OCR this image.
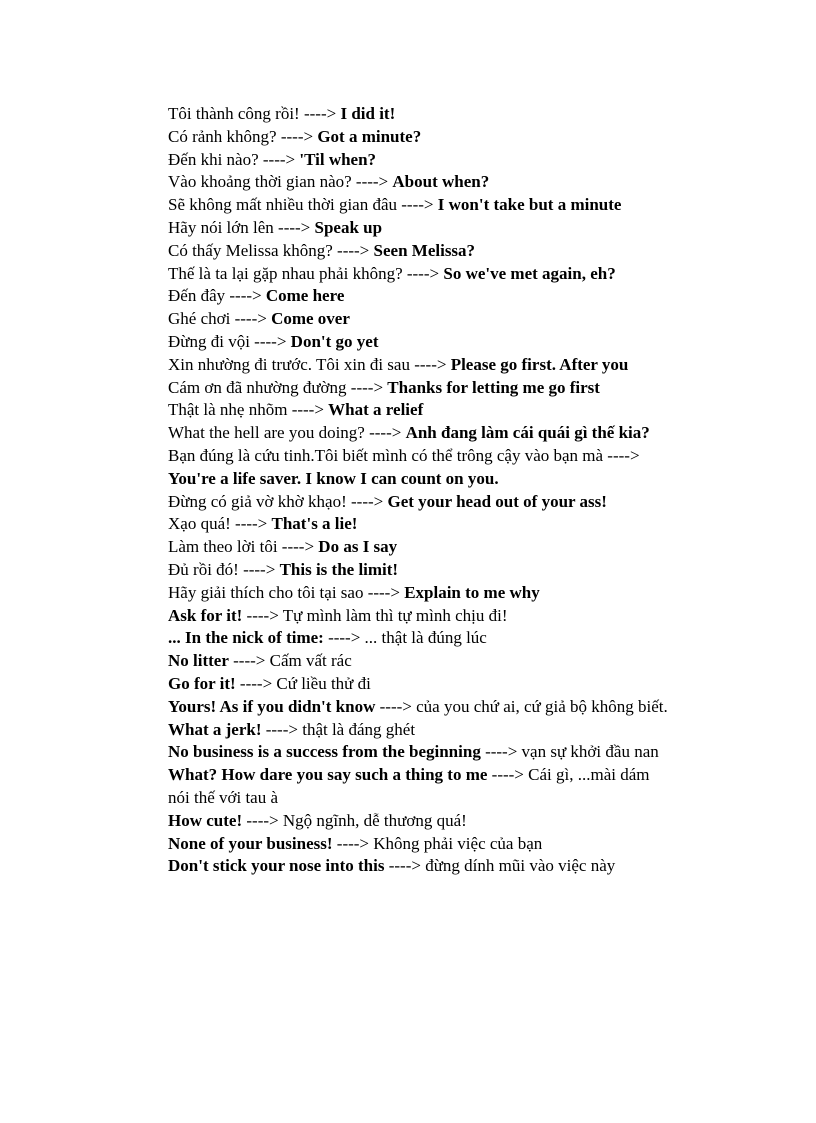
Tôi thành công rồi! ----> I did it!
Có rảnh không? ----> Got a minute?
Đến khi nào? ----> 'Til when?
Vào khoảng thời gian nào? ----> About when?
Sẽ không mất nhiều thời gian đâu ----> I won't take but a minute
Hãy nói lớn lên ----> Speak up
Có thấy Melissa không? ----> Seen Melissa?
Thế là ta lại gặp nhau phải không? ----> So we've met again, eh?
Đến đây ----> Come here
Ghé chơi ----> Come over
Đừng đi vội ----> Don't go yet
Xin nhường đi trước. Tôi xin đi sau ----> Please go first. After you
Cám ơn đã nhường đường ----> Thanks for letting me go first
Thật là nhẹ nhõm ----> What a relief
What the hell are you doing? ----> Anh đang làm cái quái gì thế kia?
Bạn đúng là cứu tinh.Tôi biết mình có thể trông cậy vào bạn mà ----> You're a life saver. I know I can count on you.
Đừng có giả vờ khờ khạo! ----> Get your head out of your ass!
Xạo quá! ----> That's a lie!
Làm theo lời tôi ----> Do as I say
Đủ rồi đó! ----> This is the limit!
Hãy giải thích cho tôi tại sao ----> Explain to me why
Ask for it! ----> Tự mình làm thì tự mình chịu đi!
... In the nick of time: ----> ... thật là đúng lúc
No litter ----> Cấm vất rác
Go for it! ----> Cứ liều thử đi
Yours! As if you didn't know ----> của you chứ ai, cứ giả bộ không biết.
What a jerk! ----> thật là đáng ghét
No business is a success from the beginning ----> vạn sự khởi đầu nan
What? How dare you say such a thing to me ----> Cái gì, ...mài dám nói thế với tau à
How cute! ----> Ngộ ngĩnh, dễ thương quá!
None of your business! ----> Không phải việc của bạn
Don't stick your nose into this ----> đừng dính mũi vào việc này
